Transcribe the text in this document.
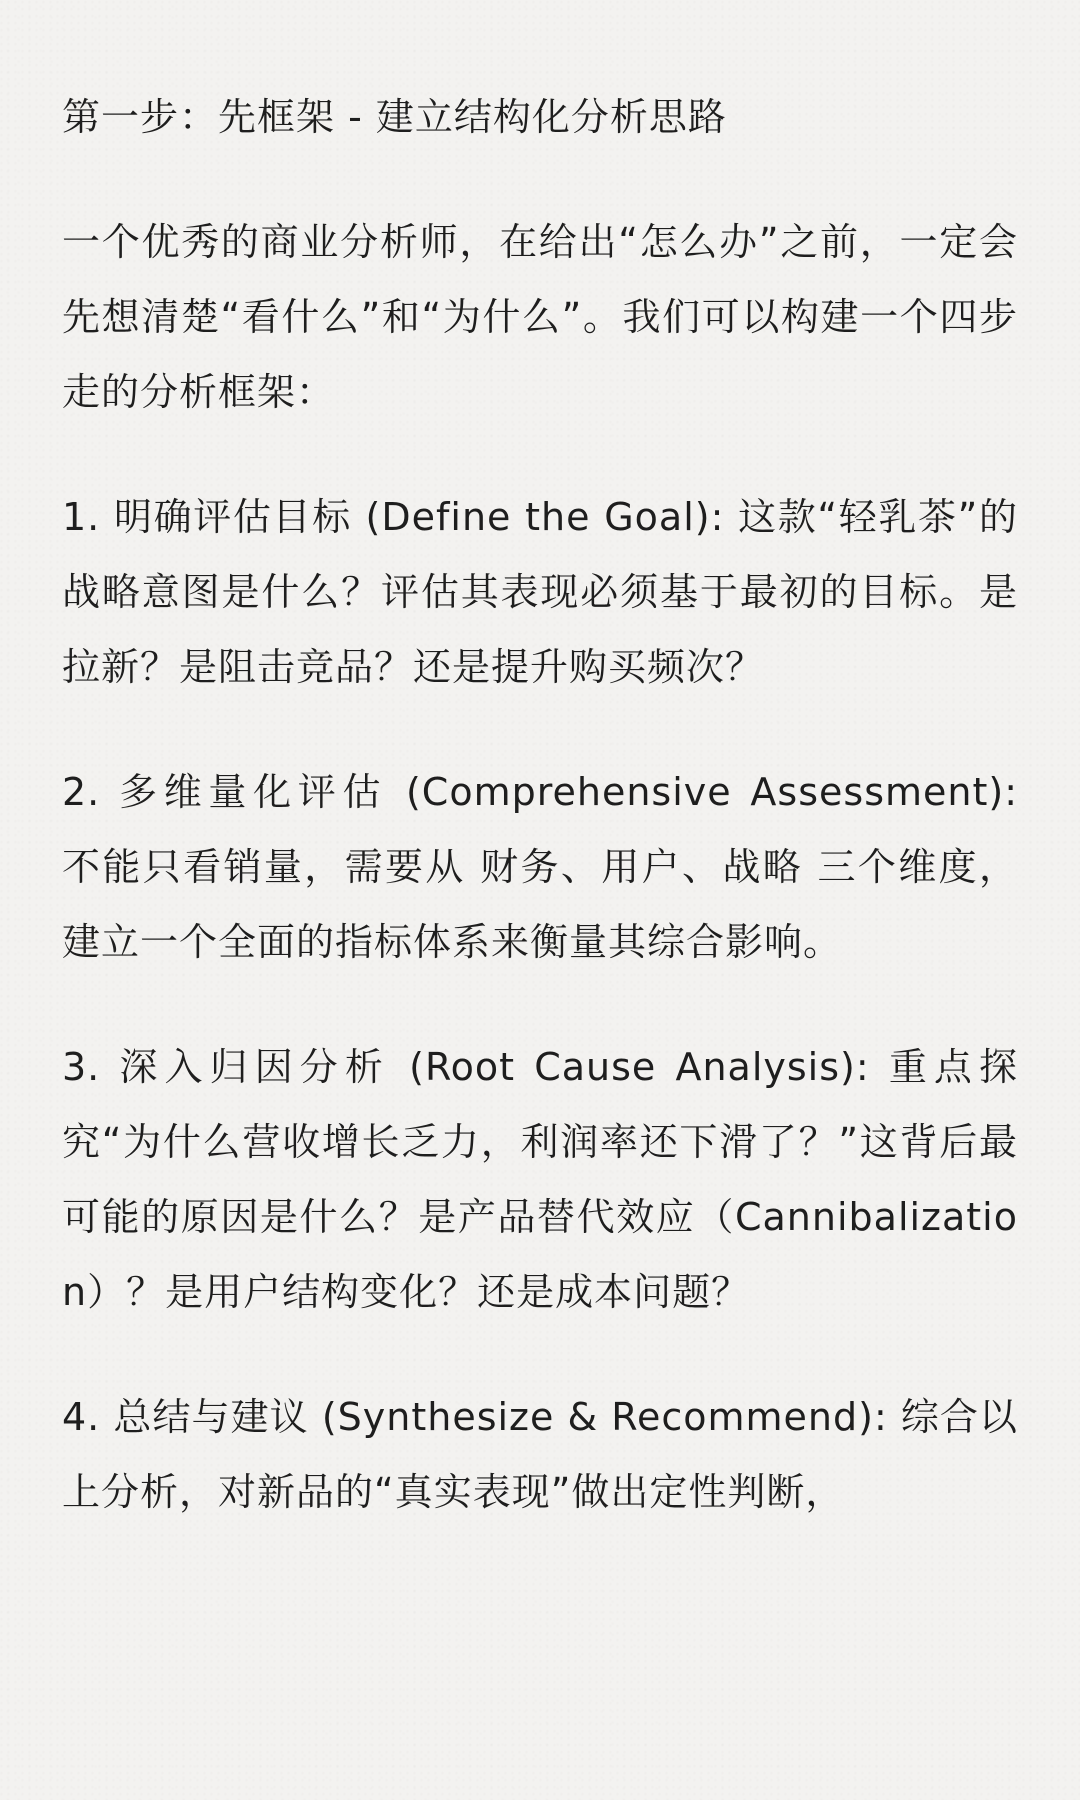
第一步：先框架 - 建立结构化分析思路

一个优秀的商业分析师，在给出“怎么办”之前，一定会先想清楚“看什么”和“为什么”。我们可以构建一个四步走的分析框架：

1. 明确评估目标 (Define the Goal): 这款“轻乳茶”的战略意图是什么？评估其表现必须基于最初的目标。是拉新？是阻击竞品？还是提升购买频次？

2. 多维量化评估 (Comprehensive Assessment): 不能只看销量，需要从 财务、用户、战略 三个维度，建立一个全面的指标体系来衡量其综合影响。

3. 深入归因分析 (Root Cause Analysis): 重点探究“为什么营收增长乏力，利润率还下滑了？”这背后最可能的原因是什么？是产品替代效应（Cannibalization）？是用户结构变化？还是成本问题？

4. 总结与建议 (Synthesize & Recommend): 综合以上分析，对新品的“真实表现”做出定性判断，
